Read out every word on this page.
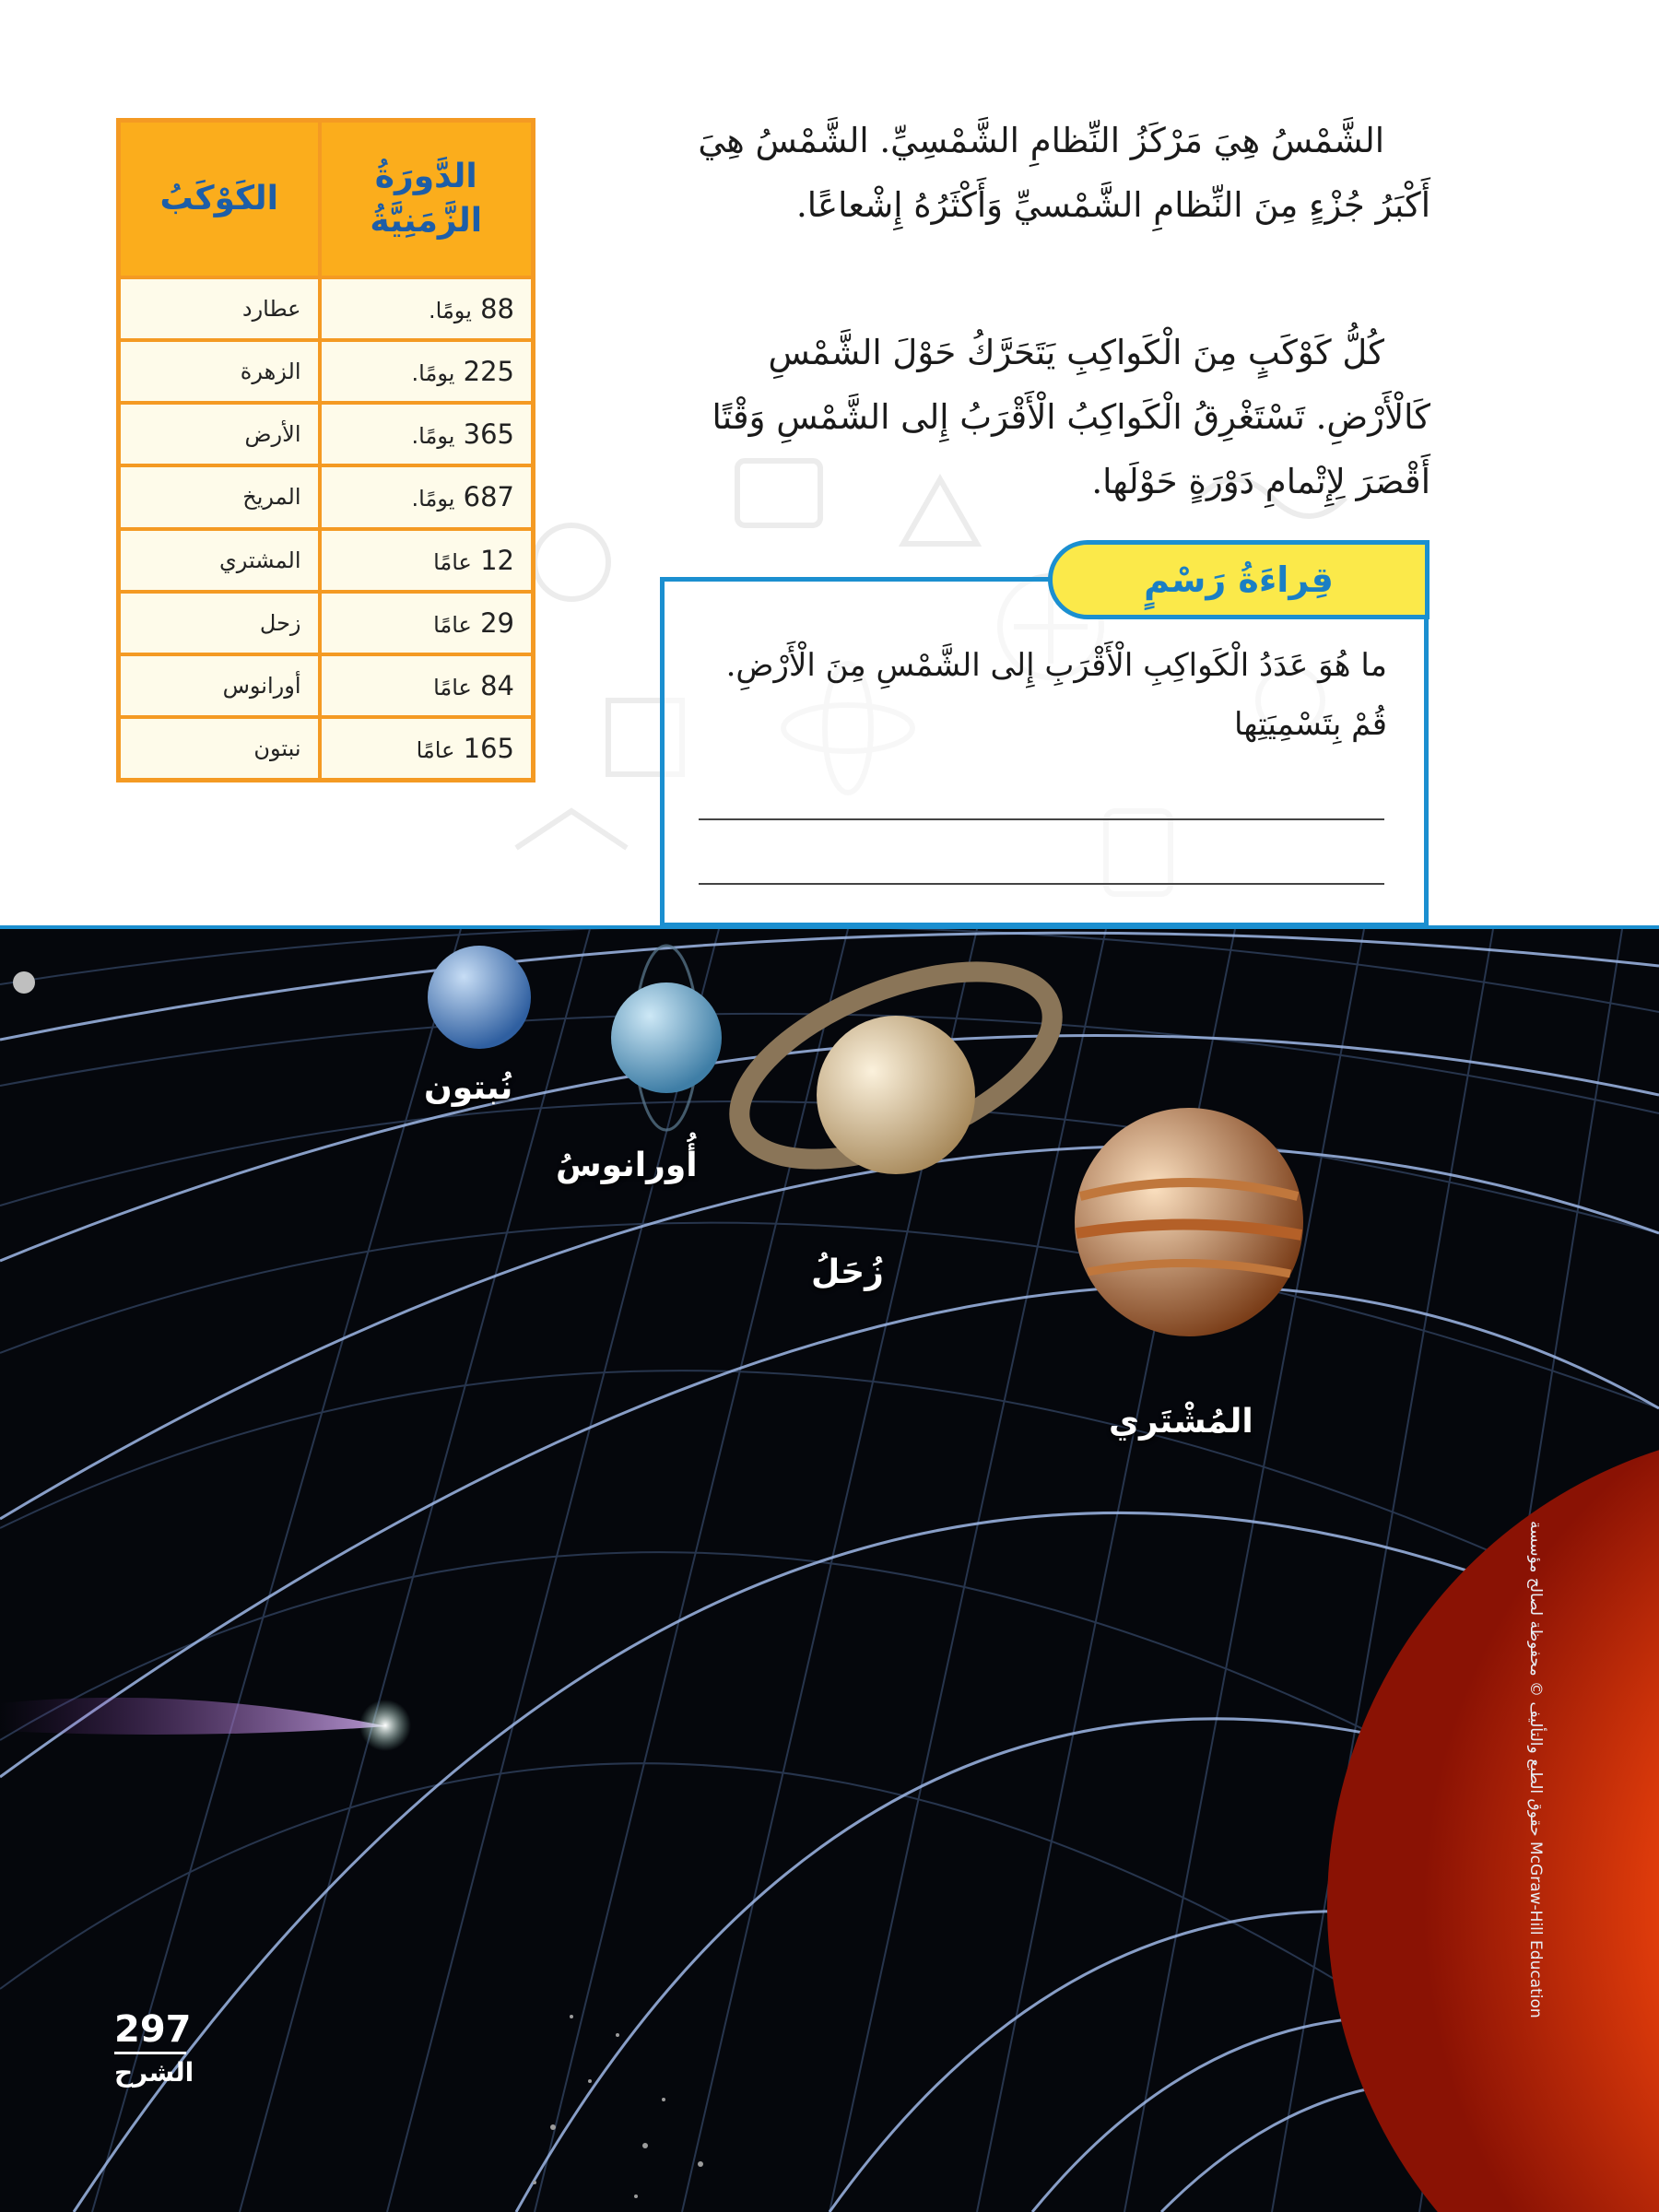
الدَّورَةُ الزَّمَنِيَّةُ	الكَوْكَبُ
88 يومًا.	عطارد
225 يومًا.	الزهرة
365 يومًا.	الأرض
687 يومًا.	المريخ
12 عامًا	المشتري
29 عامًا	زحل
84 عامًا	أورانوس
165 عامًا	نبتون
الشَّمْسُ هِيَ مَرْكَزُ النِّظامِ الشَّمْسِيِّ. الشَّمْسُ هِيَ أَكْبَرُ جُزْءٍ مِنَ النِّظامِ الشَّمْسيِّ وَأَكْثَرُهُ إِشْعاعًا.
كُلُّ كَوْكَبٍ مِنَ الْكَواكِبِ يَتَحَرَّكُ حَوْلَ الشَّمْسِ كَالْأَرْضِ. تَسْتَغْرِقُ الْكَواكِبُ الْأَقْرَبُ إِلى الشَّمْسِ وَقْتًا أَقْصَرَ لِإِتْمامِ دَوْرَةٍ حَوْلَها.
قِراءَةُ رَسْمٍ
ما هُوَ عَدَدُ الْكَواكِبِ الْأَقْرَبِ إِلى الشَّمْسِ مِنَ الْأَرْضِ. قُمْ بِتَسْمِيَتِها
نُبتون
أُورانوسُ
زُحَلُ
المُشْتَري
حقوق الطبع والتأليف © محفوظة لصالح مؤسسة McGraw-Hill Education
297
الشرح
